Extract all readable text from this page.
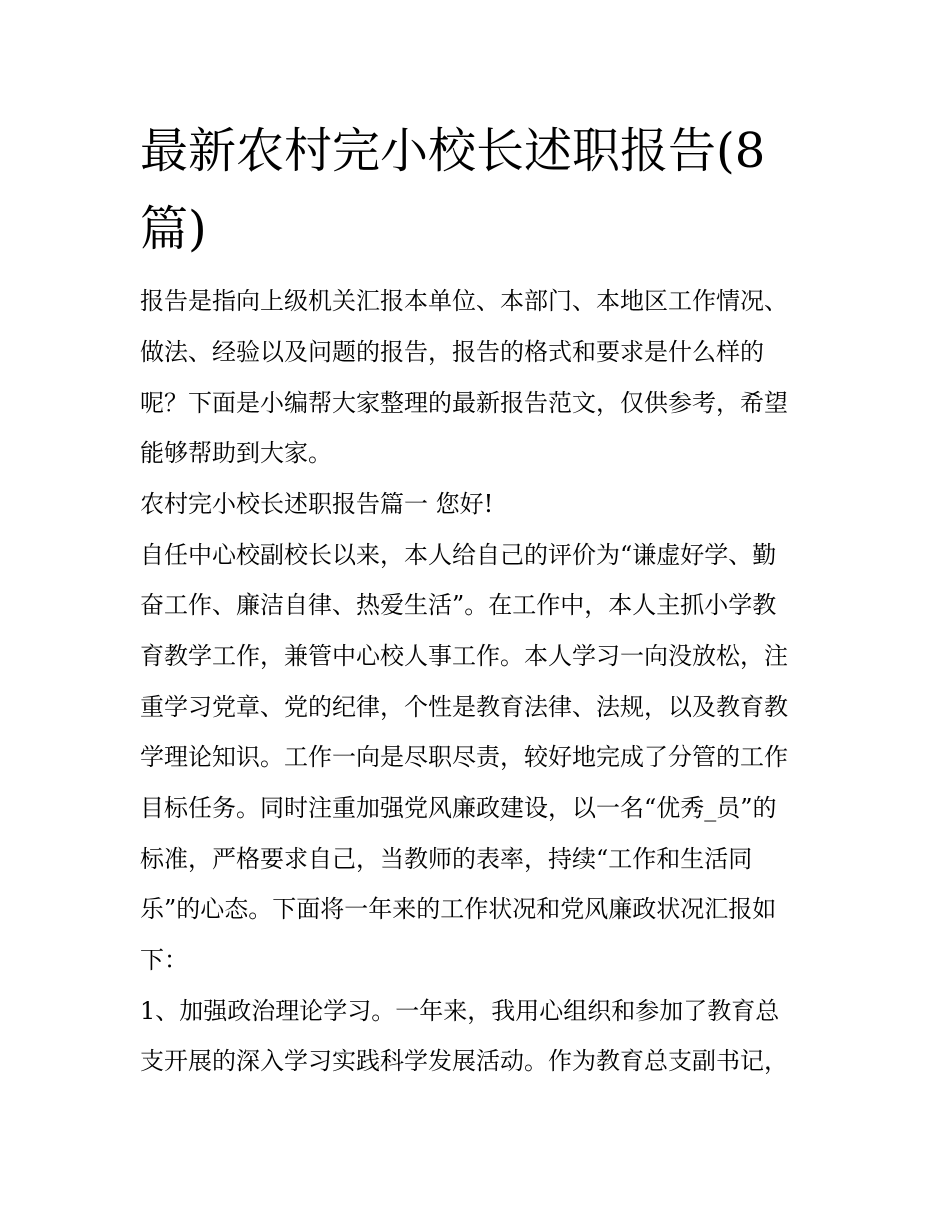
最新农村完小校长述职报告(8
篇)

报告是指向上级机关汇报本单位、本部门、本地区工作情况、

做法、经验以及问题的报告，报告的格式和要求是什么样的

呢？下面是小编帮大家整理的最新报告范文，仅供参考，希望

能够帮助到大家。

农村完小校长述职报告篇一 您好!

自任中心校副校长以来，本人给自己的评价为“谦虚好学、勤

奋工作、廉洁自律、热爱生活”。在工作中，本人主抓小学教

育教学工作，兼管中心校人事工作。本人学习一向没放松，注

重学习党章、党的纪律，个性是教育法律、法规，以及教育教

学理论知识。工作一向是尽职尽责，较好地完成了分管的工作

目标任务。同时注重加强党风廉政建设，以一名“优秀_员”的

标准，严格要求自己，当教师的表率，持续“工作和生活同

乐”的心态。下面将一年来的工作状况和党风廉政状况汇报如

下：

1、加强政治理论学习。一年来，我用心组织和参加了教育总

支开展的深入学习实践科学发展活动。作为教育总支副书记，
